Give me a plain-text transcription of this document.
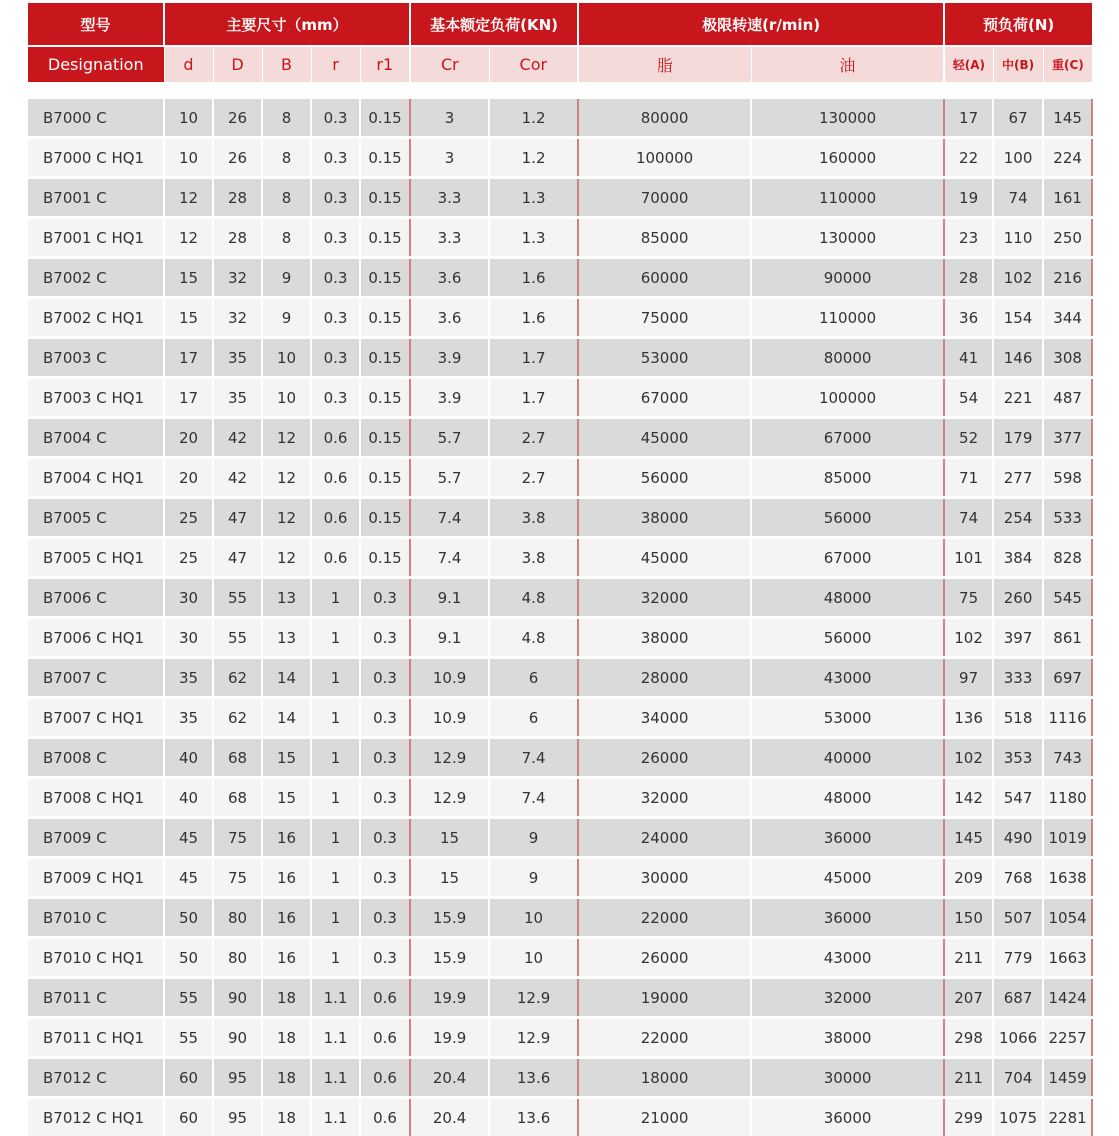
型号	主要尺寸（mm）					基本额定负荷(KN)		极限转速(r/min)		预负荷(N)		
Designation	d	D	B	r	r1	Cr	Cor	脂	油	轻(A)	中(B)	重(C)

B7000 C	10	26	8	0.3	0.15	3	1.2	80000	130000	17	67	145
B7000 C HQ1	10	26	8	0.3	0.15	3	1.2	100000	160000	22	100	224
B7001 C	12	28	8	0.3	0.15	3.3	1.3	70000	110000	19	74	161
B7001 C HQ1	12	28	8	0.3	0.15	3.3	1.3	85000	130000	23	110	250
B7002 C	15	32	9	0.3	0.15	3.6	1.6	60000	90000	28	102	216
B7002 C HQ1	15	32	9	0.3	0.15	3.6	1.6	75000	110000	36	154	344
B7003 C	17	35	10	0.3	0.15	3.9	1.7	53000	80000	41	146	308
B7003 C HQ1	17	35	10	0.3	0.15	3.9	1.7	67000	100000	54	221	487
B7004 C	20	42	12	0.6	0.15	5.7	2.7	45000	67000	52	179	377
B7004 C HQ1	20	42	12	0.6	0.15	5.7	2.7	56000	85000	71	277	598
B7005 C	25	47	12	0.6	0.15	7.4	3.8	38000	56000	74	254	533
B7005 C HQ1	25	47	12	0.6	0.15	7.4	3.8	45000	67000	101	384	828
B7006 C	30	55	13	1	0.3	9.1	4.8	32000	48000	75	260	545
B7006 C HQ1	30	55	13	1	0.3	9.1	4.8	38000	56000	102	397	861
B7007 C	35	62	14	1	0.3	10.9	6	28000	43000	97	333	697
B7007 C HQ1	35	62	14	1	0.3	10.9	6	34000	53000	136	518	1116
B7008 C	40	68	15	1	0.3	12.9	7.4	26000	40000	102	353	743
B7008 C HQ1	40	68	15	1	0.3	12.9	7.4	32000	48000	142	547	1180
B7009 C	45	75	16	1	0.3	15	9	24000	36000	145	490	1019
B7009 C HQ1	45	75	16	1	0.3	15	9	30000	45000	209	768	1638
B7010 C	50	80	16	1	0.3	15.9	10	22000	36000	150	507	1054
B7010 C HQ1	50	80	16	1	0.3	15.9	10	26000	43000	211	779	1663
B7011 C	55	90	18	1.1	0.6	19.9	12.9	19000	32000	207	687	1424
B7011 C HQ1	55	90	18	1.1	0.6	19.9	12.9	22000	38000	298	1066	2257
B7012 C	60	95	18	1.1	0.6	20.4	13.6	18000	30000	211	704	1459
B7012 C HQ1	60	95	18	1.1	0.6	20.4	13.6	21000	36000	299	1075	2281
